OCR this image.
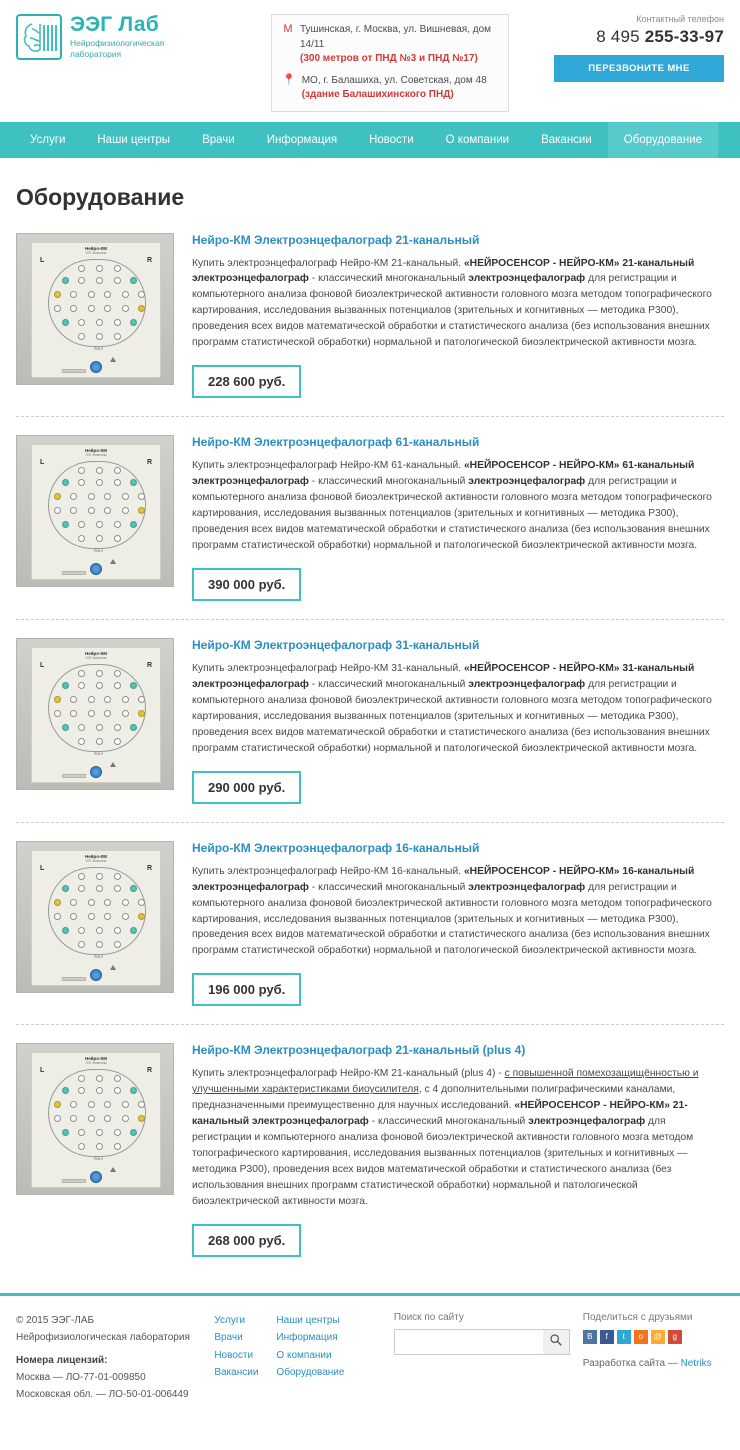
ЭЭГ Лаб
Нейрофизиологическая
лаборатория
М Тушинская, г. Москва, ул. Вишневая, дом 14/11
(300 метров от ПНД №3 и ПНД №17)
📍 МО, г. Балашиха, ул. Советская, дом 48
(здание Балашихинского ПНД)
Контактный телефон
8 495 255-33-97
ПЕРЕЗВОНИТЕ МНЕ
Услуги	Наши центры	Врачи	Информация	Новости	О компании	Вакансии	Оборудование
Оборудование
Нейро-КМ
ЭЭГ-Комплекс
L	R
POLY
Нейро-КМ Электроэнцефалограф 21-канальный
Купить электроэнцефалограф Нейро-КМ 21-канальный. «НЕЙРОСЕНСОР - НЕЙРО-КМ» 21-канальный электроэнцефалограф - классический многоканальный электроэнцефалограф для регистрации и компьютерного анализа фоновой биоэлектрической активности головного мозга методом топографического картирования, исследования вызванных потенциалов (зрительных и когнитивных — методика Р300), проведения всех видов математической обработки и статистического анализа (без использования внешних программ статистической обработки) нормальной и патологической биоэлектрической активности мозга.
228 600 руб.
Нейро-КМ
ЭЭГ-Комплекс
L	R
POLY
Нейро-КМ Электроэнцефалограф 61-канальный
Купить электроэнцефалограф Нейро-КМ 61-канальный. «НЕЙРОСЕНСОР - НЕЙРО-КМ» 61-канальный электроэнцефалограф - классический многоканальный электроэнцефалограф для регистрации и компьютерного анализа фоновой биоэлектрической активности головного мозга методом топографического картирования, исследования вызванных потенциалов (зрительных и когнитивных — методика Р300), проведения всех видов математической обработки и статистического анализа (без использования внешних программ статистической обработки) нормальной и патологической биоэлектрической активности мозга.
390 000 руб.
Нейро-КМ
ЭЭГ-Комплекс
L	R
POLY
Нейро-КМ Электроэнцефалограф 31-канальный
Купить электроэнцефалограф Нейро-КМ 31-канальный. «НЕЙРОСЕНСОР - НЕЙРО-КМ» 31-канальный электроэнцефалограф - классический многоканальный электроэнцефалограф для регистрации и компьютерного анализа фоновой биоэлектрической активности головного мозга методом топографического картирования, исследования вызванных потенциалов (зрительных и когнитивных — методика Р300), проведения всех видов математической обработки и статистического анализа (без использования внешних программ статистической обработки) нормальной и патологической биоэлектрической активности мозга.
290 000 руб.
Нейро-КМ
ЭЭГ-Комплекс
L	R
POLY
Нейро-КМ Электроэнцефалограф 16-канальный
Купить электроэнцефалограф Нейро-КМ 16-канальный. «НЕЙРОСЕНСОР - НЕЙРО-КМ» 16-канальный электроэнцефалограф - классический многоканальный электроэнцефалограф для регистрации и компьютерного анализа фоновой биоэлектрической активности головного мозга методом топографического картирования, исследования вызванных потенциалов (зрительных и когнитивных — методика Р300), проведения всех видов математической обработки и статистического анализа (без использования внешних программ статистической обработки) нормальной и патологической биоэлектрической активности мозга.
196 000 руб.
Нейро-КМ
ЭЭГ-Комплекс
L	R
POLY
Нейро-КМ Электроэнцефалограф 21-канальный (plus 4)
Купить электроэнцефалограф Нейро-КМ 21-канальный (plus 4) - с повышенной помехозащищённостью и улучшенными характеристиками биоусилителя, с 4 дополнительными полиграфическими каналами, предназначенными преимущественно для научных исследований. «НЕЙРОСЕНСОР - НЕЙРО-КМ» 21-канальный электроэнцефалограф - классический многоканальный электроэнцефалограф для регистрации и компьютерного анализа фоновой биоэлектрической активности головного мозга методом топографического картирования, исследования вызванных потенциалов (зрительных и когнитивных — методика Р300), проведения всех видов математической обработки и статистического анализа (без использования внешних программ статистической обработки) нормальной и патологической биоэлектрической активности мозга.
268 000 руб.
© 2015 ЭЭГ-ЛАБ
Нейрофизиологическая лаборатория
Номера лицензий:
Москва — ЛО-77-01-009850
Московская обл. — ЛО-50-01-006449
Услуги
Врачи
Новости
Вакансии
Наши центры
Информация
О компании
Оборудование
Поиск по сайту	Поделиться с друзьями
В	f	t	о	@	g
Разработка сайта — Netriks
